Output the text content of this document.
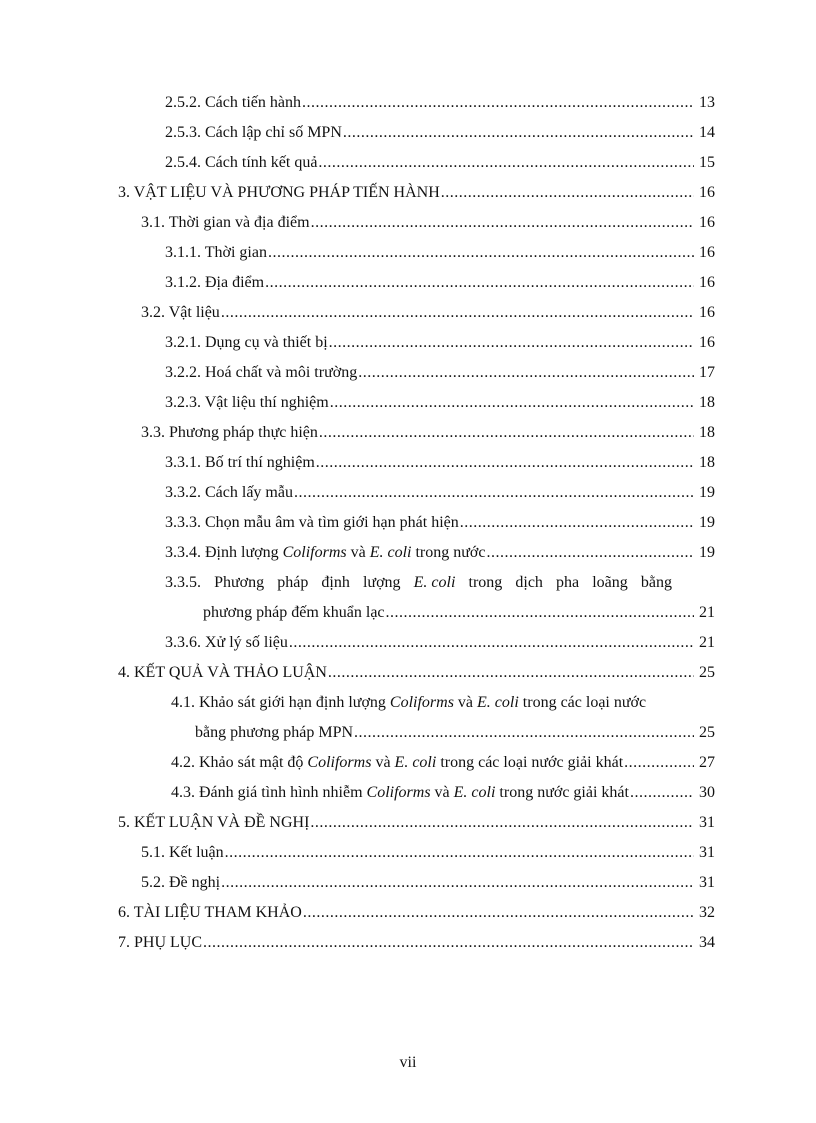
2.5.2. Cách tiến hành .....	13
2.5.3. Cách lập chỉ số MPN .....	14
2.5.4. Cách tính kết quả .....	15
3. VẬT LIỆU VÀ PHƯƠNG PHÁP TIẾN HÀNH .....	16
3.1. Thời gian và địa điểm .....	16
3.1.1. Thời gian .....	16
3.1.2. Địa điểm .....	16
3.2. Vật liệu .....	16
3.2.1. Dụng cụ và thiết bị .....	16
3.2.2. Hoá chất và môi trường .....	17
3.2.3. Vật liệu thí nghiệm .....	18
3.3. Phương pháp thực hiện .....	18
3.3.1. Bố trí thí nghiệm .....	18
3.3.2. Cách lấy mẫu .....	19
3.3.3. Chọn mẫu âm và tìm giới hạn phát hiện .....	19
3.3.4. Định lượng Coliforms và E. coli trong nước .....	19
3.3.5. Phương pháp định lượng E. coli trong dịch pha loãng bằng
phương pháp đếm khuẩn lạc .....	21
3.3.6. Xử lý số liệu .....	21
4. KẾT QUẢ VÀ THẢO LUẬN .....	25
4.1. Khảo sát giới hạn định lượng Coliforms và E. coli trong các loại nước
bằng phương pháp MPN .....	25
4.2. Khảo sát mật độ Coliforms và E. coli trong các loại nước giải khát .....	27
4.3. Đánh giá tình hình nhiễm Coliforms và E. coli trong nước giải khát .....	30
5. KẾT LUẬN VÀ ĐỀ NGHỊ .....	31
5.1. Kết luận .....	31
5.2. Đề nghị .....	31
6. TÀI LIỆU THAM KHẢO .....	32
7. PHỤ LỤC .....	34
vii
